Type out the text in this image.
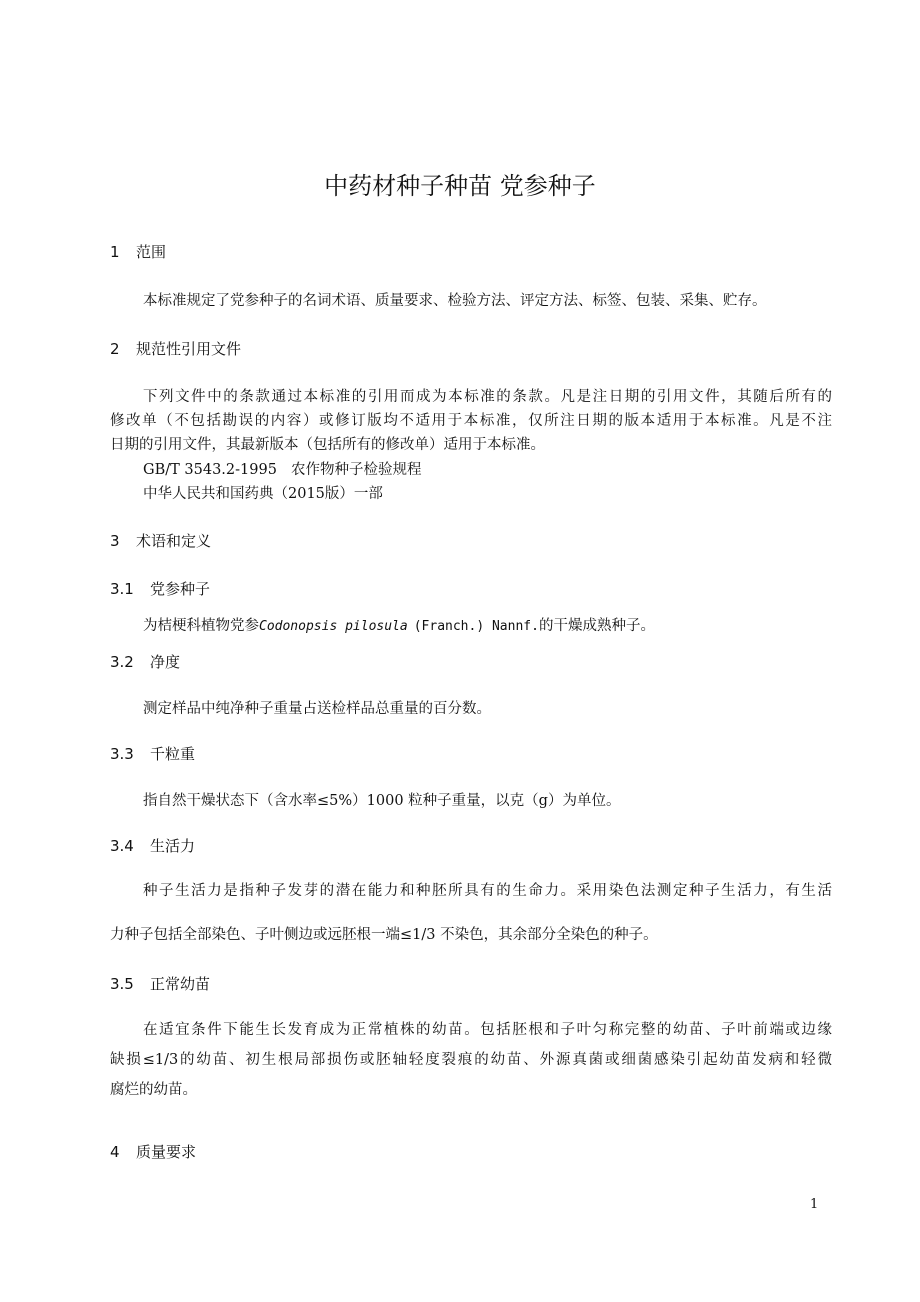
中药材种子种苗 党参种子
1 范围
本标准规定了党参种子的名词术语、质量要求、检验方法、评定方法、标签、包装、采集、贮存。
2 规范性引用文件
下列文件中的条款通过本标准的引用而成为本标准的条款。凡是注日期的引用文件，其随后所有的
修改单（不包括勘误的内容）或修订版均不适用于本标准，仅所注日期的版本适用于本标准。凡是不注
日期的引用文件，其最新版本（包括所有的修改单）适用于本标准。
GB/T 3543.2-1995 农作物种子检验规程
中华人民共和国药典（2015版）一部
3 术语和定义
3.1 党参种子
为桔梗科植物党参Codonopsis pilosula (Franch.) Nannf.的干燥成熟种子。
3.2 净度
测定样品中纯净种子重量占送检样品总重量的百分数。
3.3 千粒重
指自然干燥状态下（含水率≤5%）1000 粒种子重量，以克（g）为单位。
3.4 生活力
种子生活力是指种子发芽的潜在能力和种胚所具有的生命力。采用染色法测定种子生活力，有生活
力种子包括全部染色、子叶侧边或远胚根一端≤1/3 不染色，其余部分全染色的种子。
3.5 正常幼苗
在适宜条件下能生长发育成为正常植株的幼苗。包括胚根和子叶匀称完整的幼苗、子叶前端或边缘
缺损≤1/3的幼苗、初生根局部损伤或胚轴轻度裂痕的幼苗、外源真菌或细菌感染引起幼苗发病和轻微
腐烂的幼苗。
4 质量要求
1
